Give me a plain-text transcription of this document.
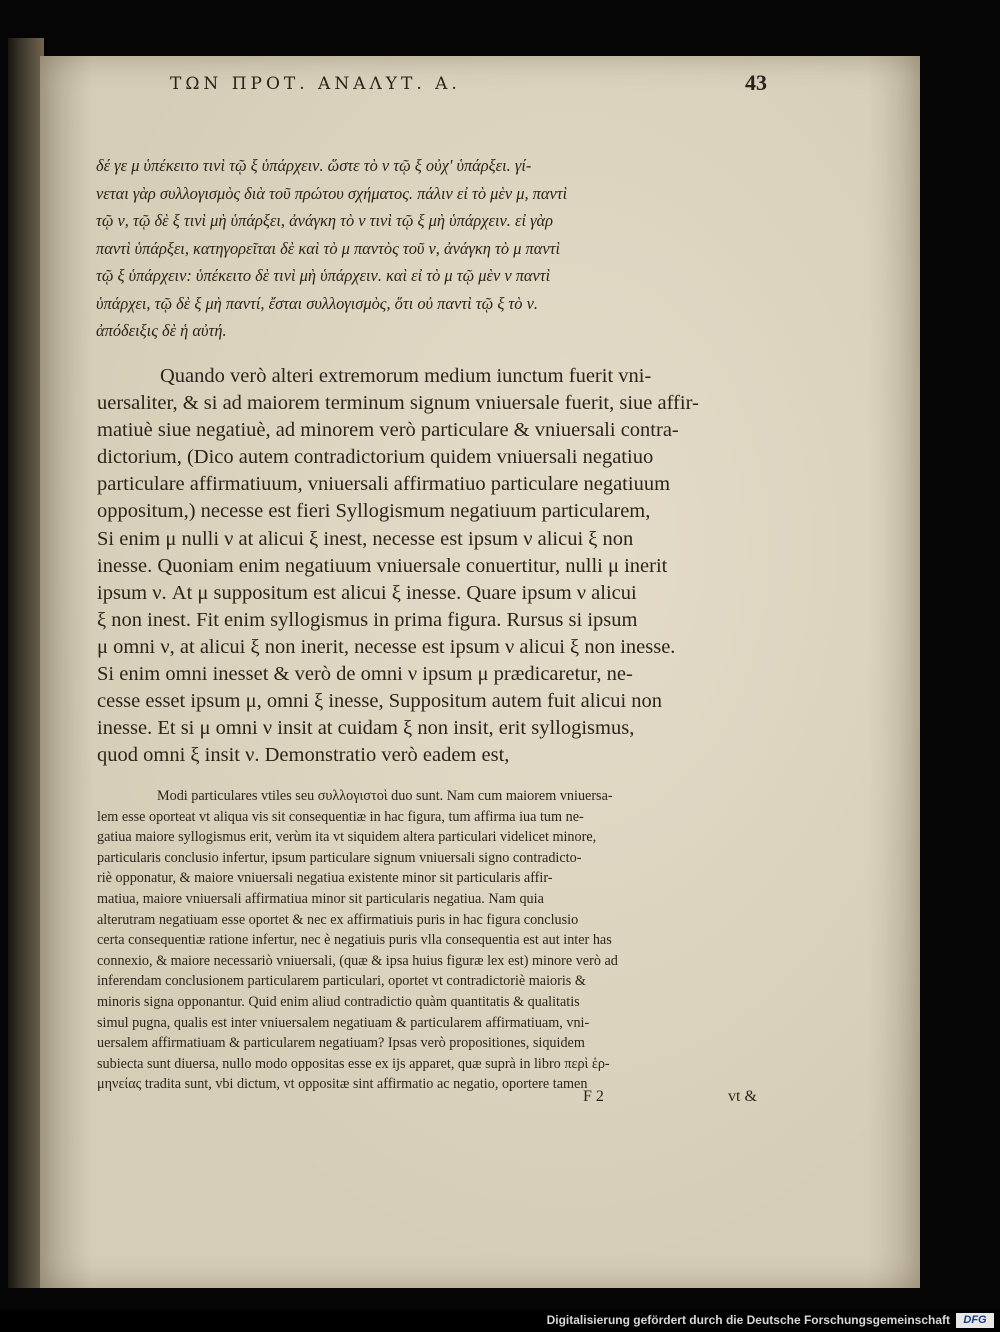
ΤΩΝ ΠΡΟΤ. ΑΝΑΛΥΤ. Α.	43
δέ γε μ ὑπέκειτο τινὶ τῷ ξ ὑπάρχειν. ὥστε τὸ ν τῷ ξ οὐχ' ὑπάρξει. γί-
νεται γὰρ συλλογισμὸς διὰ τοῦ πρώτου σχήματος. πάλιν εἰ τὸ μὲν μ, παντὶ
τῷ ν, τῷ δὲ ξ τινὶ μὴ ὑπάρξει, ἀνάγκη τὸ ν τινὶ τῷ ξ μὴ ὑπάρχειν. εἰ γὰρ
παντὶ ὑπάρξει, κατηγορεῖται δὲ καὶ τὸ μ παντὸς τοῦ ν, ἀνάγκη τὸ μ παντὶ
τῷ ξ ὑπάρχειν: ὑπέκειτο δὲ τινὶ μὴ ὑπάρχειν. καὶ εἰ τὸ μ τῷ μὲν ν παντὶ
ὑπάρχει, τῷ δὲ ξ μὴ παντί, ἔσται συλλογισμὸς, ὅτι οὐ παντὶ τῷ ξ τὸ ν.
ἀπόδειξις δὲ ἡ αὐτή.
Quando verò alteri extremorum medium iunctum fuerit vni-
uersaliter, & si ad maiorem terminum signum vniuersale fuerit, siue affir-
matiuè siue negatiuè, ad minorem verò particulare & vniuersali contra-
dictorium, (Dico autem contradictorium quidem vniuersali negatiuo
particulare affirmatiuum, vniuersali affirmatiuo particulare negatiuum
oppositum,) necesse est fieri Syllogismum negatiuum particularem,
Si enim μ nulli ν at alicui ξ inest, necesse est ipsum ν alicui ξ non
inesse. Quoniam enim negatiuum vniuersale conuertitur, nulli μ inerit
ipsum ν. At μ suppositum est alicui ξ inesse. Quare ipsum ν alicui
ξ non inest. Fit enim syllogismus in prima figura. Rursus si ipsum
μ omni ν, at alicui ξ non inerit, necesse est ipsum ν alicui ξ non inesse.
Si enim omni inesset & verò de omni ν ipsum μ prædicaretur, ne-
cesse esset ipsum μ, omni ξ inesse, Suppositum autem fuit alicui non
inesse. Et si μ omni ν insit at cuidam ξ non insit, erit syllogismus,
quod omni ξ insit ν. Demonstratio verò eadem est,
Modi particulares vtiles seu συλλογιστοὶ duo sunt. Nam cum maiorem vniuersa-
lem esse oporteat vt aliqua vis sit consequentiæ in hac figura, tum affirma iua tum ne-
gatiua maiore syllogismus erit, verùm ita vt siquidem altera particulari videlicet minore,
particularis conclusio infertur, ipsum particulare signum vniuersali signo contradicto-
riè opponatur, & maiore vniuersali negatiua existente minor sit particularis affir-
matiua, maiore vniuersali affirmatiua minor sit particularis negatiua. Nam quia
alterutram negatiuam esse oportet & nec ex affirmatiuis puris in hac figura conclusio
certa consequentiæ ratione infertur, nec è negatiuis puris vlla consequentia est aut inter has
connexio, & maiore necessariò vniuersali, (quæ & ipsa huius figuræ lex est) minore verò ad
inferendam conclusionem particularem particulari, oportet vt contradictoriè maioris &
minoris signa opponantur. Quid enim aliud contradictio quàm quantitatis & qualitatis
simul pugna, qualis est inter vniuersalem negatiuam & particularem affirmatiuam, vni-
uersalem affirmatiuam & particularem negatiuam? Ipsas verò propositiones, siquidem
subiecta sunt diuersa, nullo modo oppositas esse ex ijs apparet, quæ suprà in libro περὶ ἑρ-
μηνείας tradita sunt, vbi dictum, vt oppositæ sint affirmatio ac negatio, oportere tamen
F 2	vt &
Digitalisierung gefördert durch die Deutsche Forschungsgemeinschaft	DFG
